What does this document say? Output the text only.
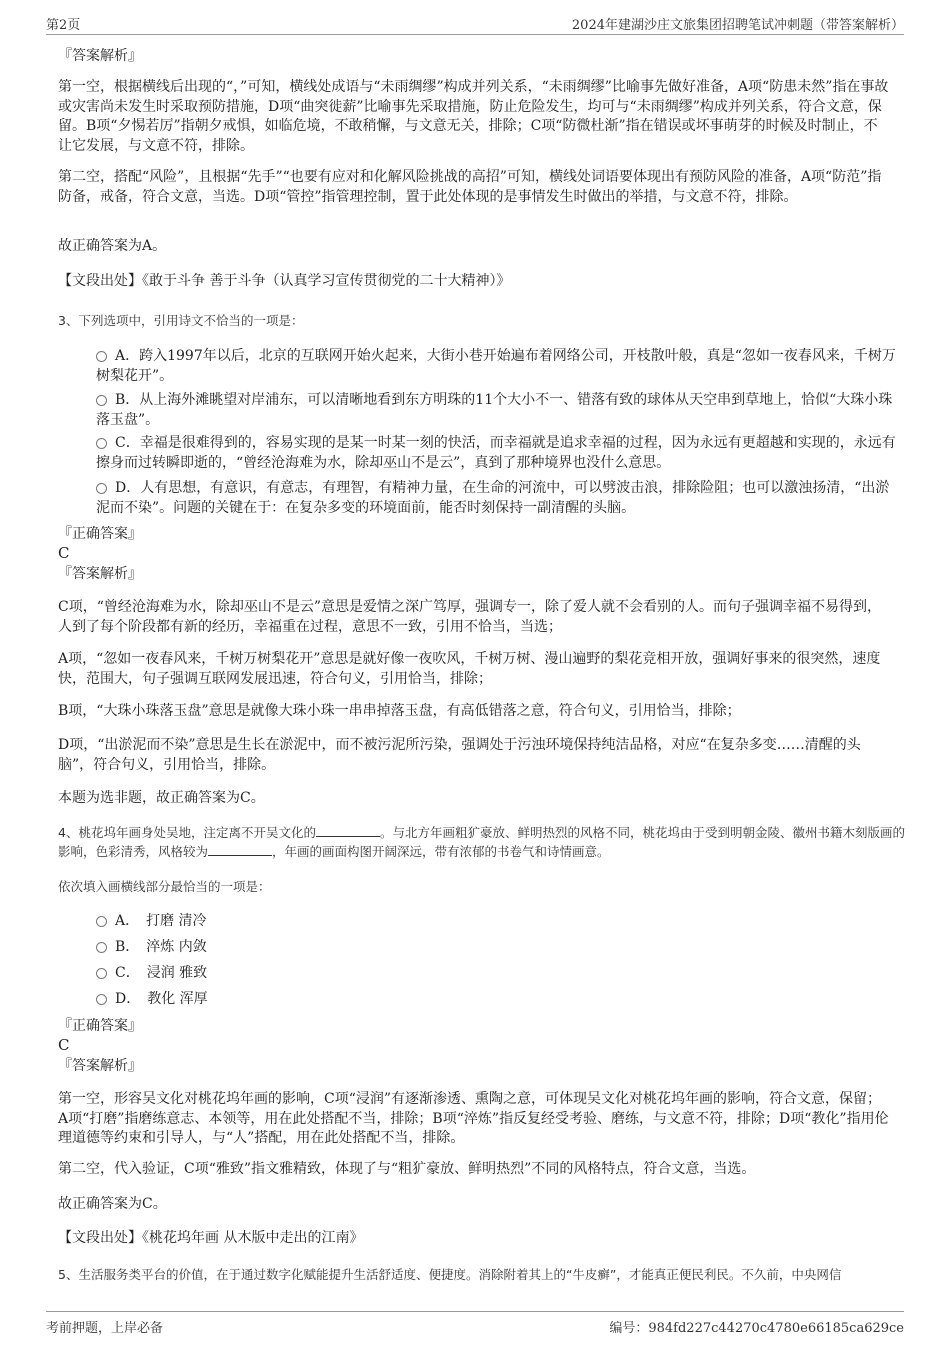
第2页	2024年建湖沙庄文旅集团招聘笔试冲刺题（带答案解析）
『答案解析』
第一空，根据横线后出现的“，”可知，横线处成语与“未雨绸缪”构成并列关系，“未雨绸缪”比喻事先做好准备，A项“防患未然”指在事故或灾害尚未发生时采取预防措施，D项“曲突徙薪”比喻事先采取措施，防止危险发生，均可与“未雨绸缪”构成并列关系，符合文意，保留。B项“夕惕若厉”指朝夕戒惧，如临危境，不敢稍懈，与文意无关，排除；C项“防微杜渐”指在错误或坏事萌芽的时候及时制止，不让它发展，与文意不符，排除。
第二空，搭配“风险”，且根据“先手”“也要有应对和化解风险挑战的高招”可知，横线处词语要体现出有预防风险的准备，A项“防范”指防备，戒备，符合文意，当选。D项“管控”指管理控制，置于此处体现的是事情发生时做出的举措，与文意不符，排除。
故正确答案为A。
【文段出处】《敢于斗争 善于斗争（认真学习宣传贯彻党的二十大精神）》
3、下列选项中，引用诗文不恰当的一项是：
A．跨入1997年以后，北京的互联网开始火起来，大街小巷开始遍布着网络公司，开枝散叶般，真是“忽如一夜春风来，千树万树梨花开”。
B．从上海外滩眺望对岸浦东，可以清晰地看到东方明珠的11个大小不一、错落有致的球体从天空串到草地上，恰似“大珠小珠落玉盘”。
C．幸福是很难得到的，容易实现的是某一时某一刻的快活，而幸福就是追求幸福的过程，因为永远有更超越和实现的，永远有擦身而过转瞬即逝的，“曾经沧海难为水，除却巫山不是云”，真到了那种境界也没什么意思。
D．人有思想，有意识，有意志，有理智，有精神力量，在生命的河流中，可以劈波击浪，排除险阻；也可以激浊扬清，“出淤泥而不染”。问题的关键在于：在复杂多变的环境面前，能否时刻保持一副清醒的头脑。
『正确答案』
C
『答案解析』
C项，“曾经沧海难为水，除却巫山不是云”意思是爱情之深广笃厚，强调专一，除了爱人就不会看别的人。而句子强调幸福不易得到，人到了每个阶段都有新的经历，幸福重在过程，意思不一致，引用不恰当，当选；
A项，“忽如一夜春风来，千树万树梨花开”意思是就好像一夜吹风，千树万树、漫山遍野的梨花竞相开放，强调好事来的很突然，速度快，范围大，句子强调互联网发展迅速，符合句义，引用恰当，排除；
B项，“大珠小珠落玉盘”意思是就像大珠小珠一串串掉落玉盘，有高低错落之意，符合句义，引用恰当，排除；
D项，“出淤泥而不染”意思是生长在淤泥中，而不被污泥所污染，强调处于污浊环境保持纯洁品格，对应“在复杂多变……清醒的头脑”，符合句义，引用恰当，排除。
本题为选非题，故正确答案为C。
4、桃花坞年画身处吴地，注定离不开吴文化的	。与北方年画粗犷豪放、鲜明热烈的风格不同，桃花坞由于受到明朝金陵、徽州书籍木刻版画的影响，色彩清秀，风格较为	，年画的画面构图开阔深远，带有浓郁的书卷气和诗情画意。
依次填入画横线部分最恰当的一项是：
A．　打磨 清冷
B．　淬炼 内敛
C．　浸润 雅致
D．　教化 浑厚
『正确答案』
C
『答案解析』
第一空，形容吴文化对桃花坞年画的影响，C项“浸润”有逐渐渗透、熏陶之意，可体现吴文化对桃花坞年画的影响，符合文意，保留；A项“打磨”指磨练意志、本领等，用在此处搭配不当，排除；B项“淬炼”指反复经受考验、磨练，与文意不符，排除；D项“教化”指用伦理道德等约束和引导人，与“人”搭配，用在此处搭配不当，排除。
第二空，代入验证，C项“雅致”指文雅精致，体现了与“粗犷豪放、鲜明热烈”不同的风格特点，符合文意，当选。
故正确答案为C。
【文段出处】《桃花坞年画 从木版中走出的江南》
5、生活服务类平台的价值，在于通过数字化赋能提升生活舒适度、便捷度。消除附着其上的“牛皮癣”，才能真正便民利民。不久前，中央网信
考前押题，上岸必备	编号：984fd227c44270c4780e66185ca629ce
